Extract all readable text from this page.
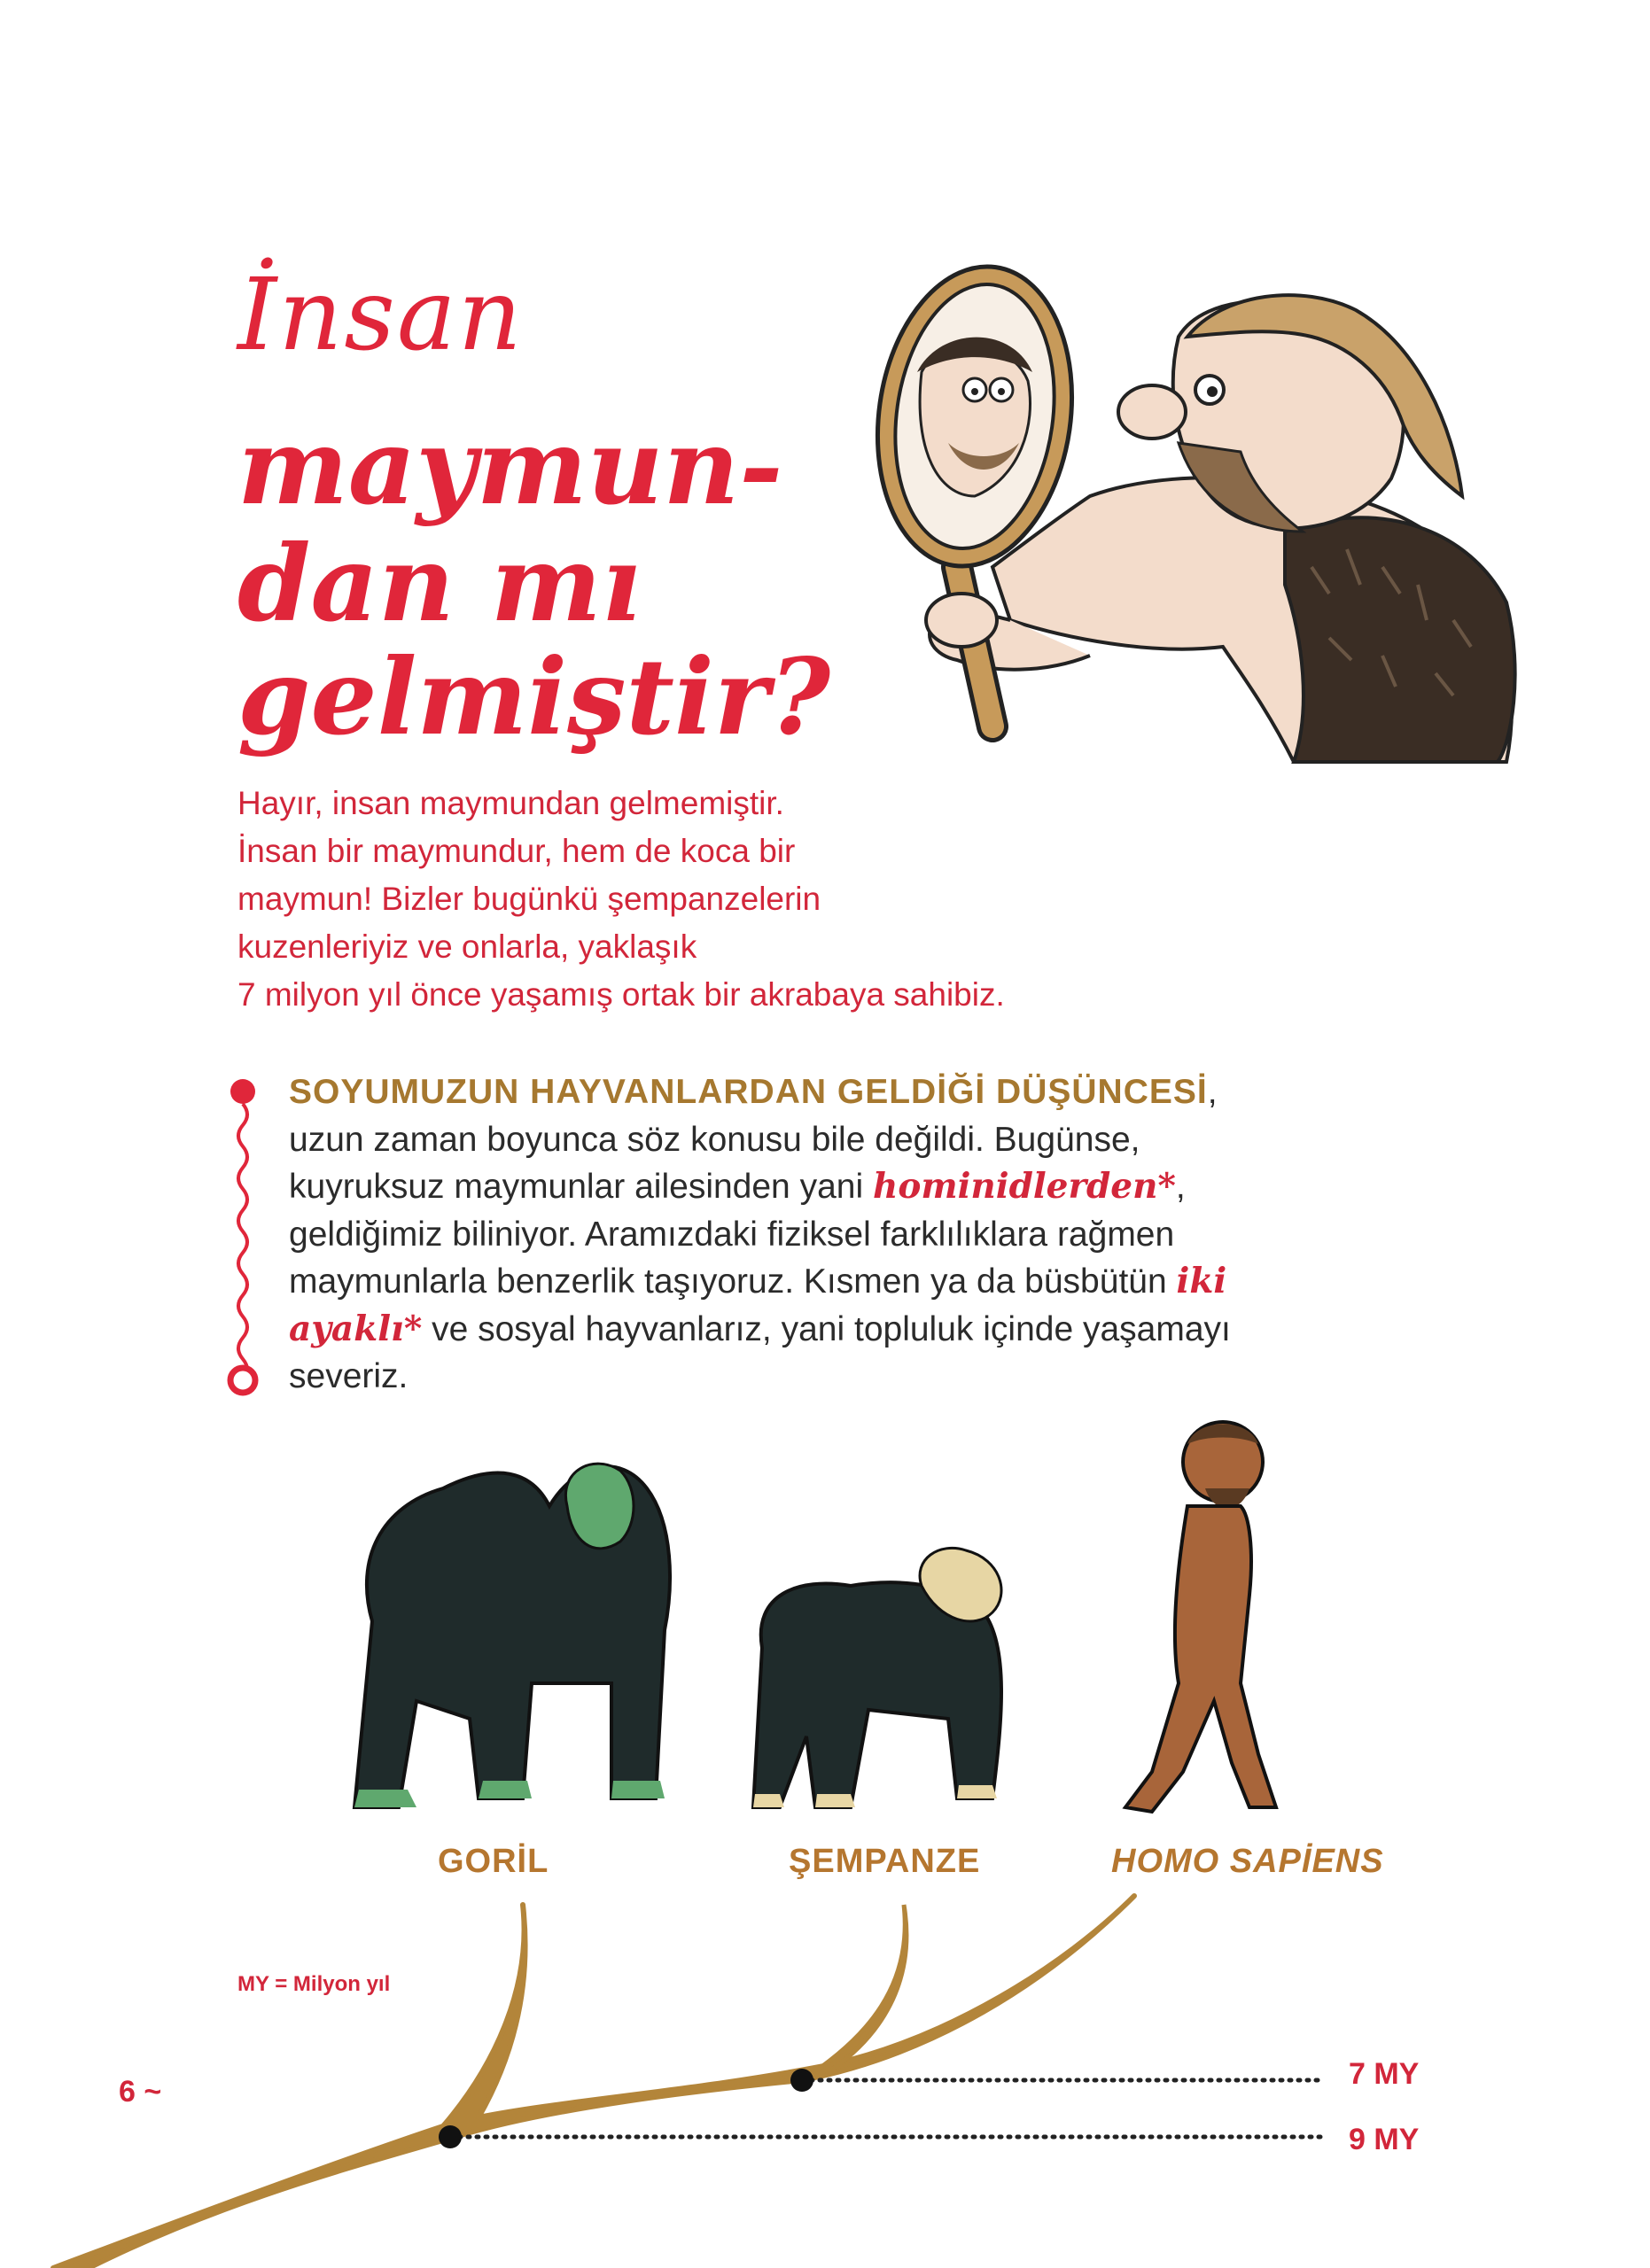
İnsan
maymun-
dan mı
gelmiştir?
Hayır, insan maymundan gelmemiştir.
İnsan bir maymundur, hem de koca bir
maymun! Bizler bugünkü şempanzelerin
kuzenleriyiz ve onlarla, yaklaşık
7 milyon yıl önce yaşamış ortak bir akrabaya sahibiz.
SOYUMUZUN HAYVANLARDAN GELDİĞİ DÜŞÜNCESİ,
uzun zaman boyunca söz konusu bile değildi. Bugünse,
kuyruksuz maymunlar ailesinden yani hominidlerden*,
geldiğimiz biliniyor. Aramızdaki fiziksel farklılıklara rağmen
maymunlarla benzerlik taşıyoruz. Kısmen ya da büsbütün iki
ayaklı* ve sosyal hayvanlarız, yani topluluk içinde yaşamayı
severiz.
GORİL	ŞEMPANZE	HOMO SAPİENS
MY = Milyon yıl
7 MY
9 MY
6 ~
